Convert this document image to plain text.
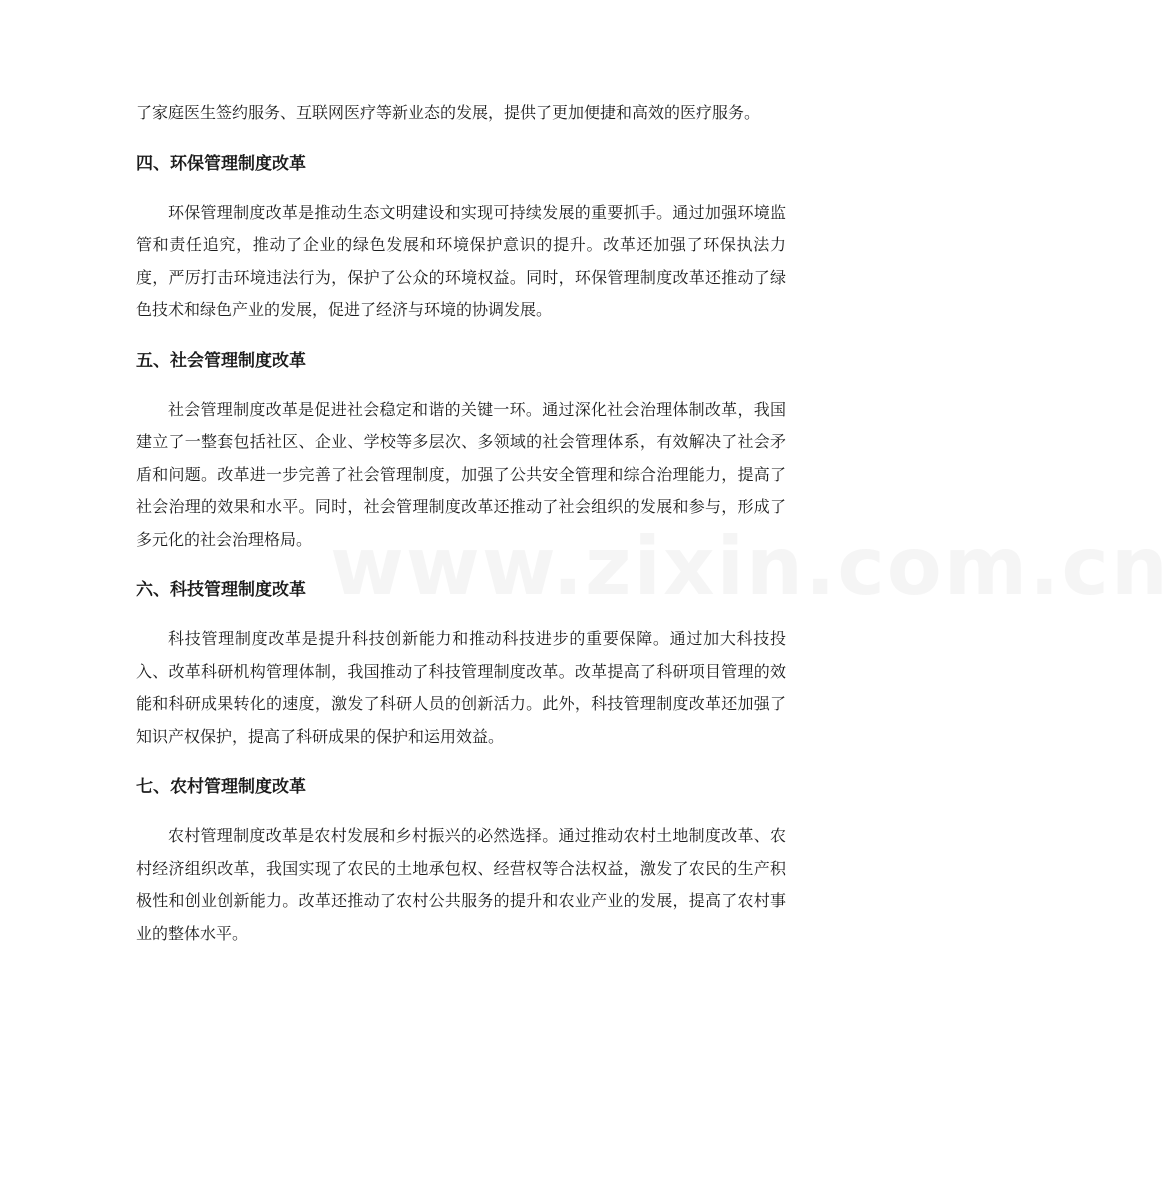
www.zixin.com.cn

了家庭医生签约服务、互联网医疗等新业态的发展，提供了更加便捷和高效的医疗服务。

四、环保管理制度改革

环保管理制度改革是推动生态文明建设和实现可持续发展的重要抓手。通过加强环境监管和责任追究，推动了企业的绿色发展和环境保护意识的提升。改革还加强了环保执法力度，严厉打击环境违法行为，保护了公众的环境权益。同时，环保管理制度改革还推动了绿色技术和绿色产业的发展，促进了经济与环境的协调发展。

五、社会管理制度改革

社会管理制度改革是促进社会稳定和谐的关键一环。通过深化社会治理体制改革，我国建立了一整套包括社区、企业、学校等多层次、多领域的社会管理体系，有效解决了社会矛盾和问题。改革进一步完善了社会管理制度，加强了公共安全管理和综合治理能力，提高了社会治理的效果和水平。同时，社会管理制度改革还推动了社会组织的发展和参与，形成了多元化的社会治理格局。

六、科技管理制度改革

科技管理制度改革是提升科技创新能力和推动科技进步的重要保障。通过加大科技投入、改革科研机构管理体制，我国推动了科技管理制度改革。改革提高了科研项目管理的效能和科研成果转化的速度，激发了科研人员的创新活力。此外，科技管理制度改革还加强了知识产权保护，提高了科研成果的保护和运用效益。

七、农村管理制度改革

农村管理制度改革是农村发展和乡村振兴的必然选择。通过推动农村土地制度改革、农村经济组织改革，我国实现了农民的土地承包权、经营权等合法权益，激发了农民的生产积极性和创业创新能力。改革还推动了农村公共服务的提升和农业产业的发展，提高了农村事业的整体水平。
